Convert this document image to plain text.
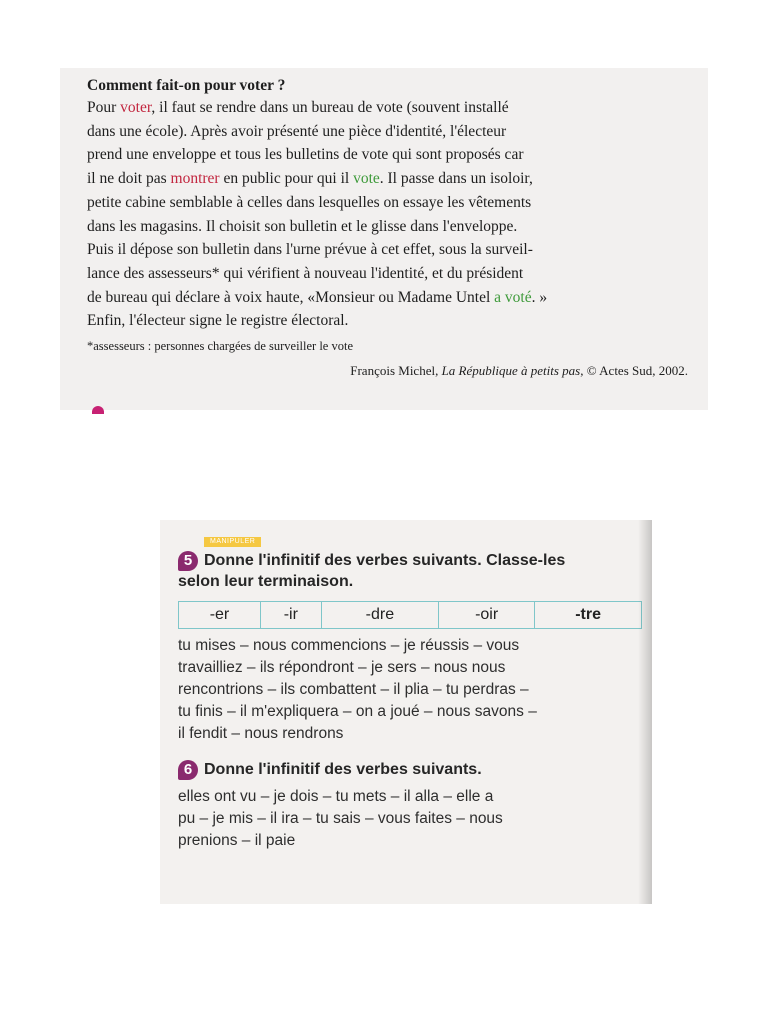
Comment fait-on pour voter ?
Pour voter, il faut se rendre dans un bureau de vote (souvent installé
dans une école). Après avoir présenté une pièce d'identité, l'électeur
prend une enveloppe et tous les bulletins de vote qui sont proposés car
il ne doit pas montrer en public pour qui il vote. Il passe dans un isoloir,
petite cabine semblable à celles dans lesquelles on essaye les vêtements
dans les magasins. Il choisit son bulletin et le glisse dans l'enveloppe.
Puis il dépose son bulletin dans l'urne prévue à cet effet, sous la surveil-
lance des assesseurs* qui vérifient à nouveau l'identité, et du président
de bureau qui déclare à voix haute, «Monsieur ou Madame Untel a voté. »
Enfin, l'électeur signe le registre électoral.
*assesseurs : personnes chargées de surveiller le vote
François Michel, La République à petits pas, © Actes Sud, 2002.
MANIPULER
5 Donne l'infinitif des verbes suivants. Classe-les
selon leur terminaison.
-er	-ir	-dre	-oir	-tre
tu mises – nous commencions – je réussis – vous
travailliez – ils répondront – je sers – nous nous
rencontrions – ils combattent – il plia – tu perdras –
tu finis – il m'expliquera – on a joué – nous savons –
il fendit – nous rendrons
6 Donne l'infinitif des verbes suivants.
elles ont vu – je dois – tu mets – il alla – elle a
pu – je mis – il ira – tu sais – vous faites – nous
prenions – il paie
